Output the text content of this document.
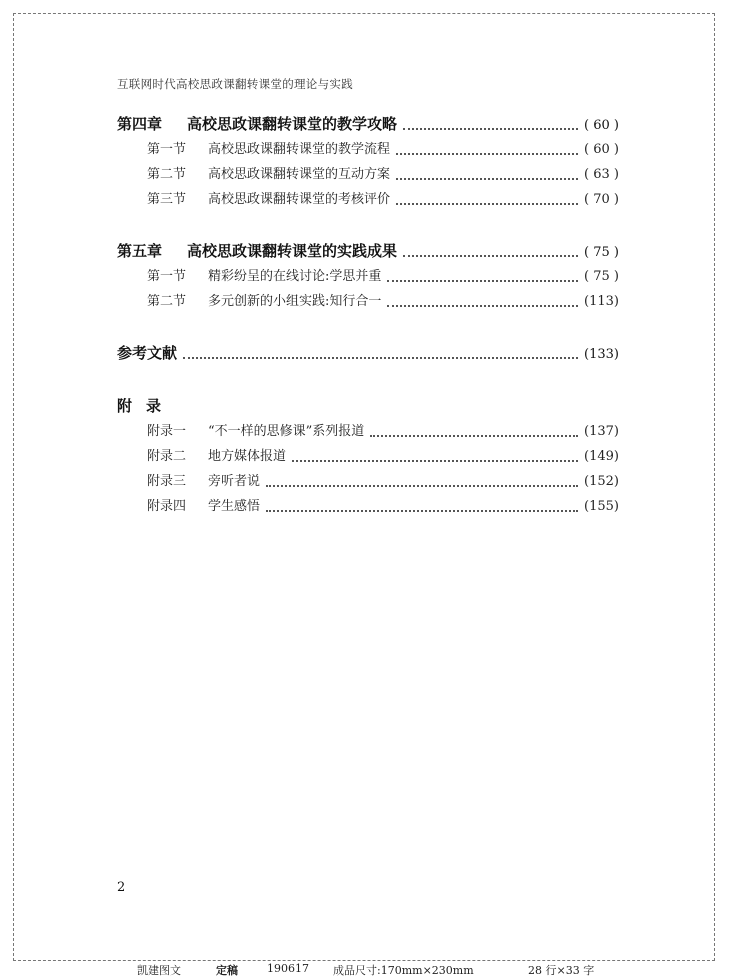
互联网时代高校思政课翻转课堂的理论与实践
第四章	高校思政课翻转课堂的教学攻略	( 60 )
第一节	高校思政课翻转课堂的教学流程	( 60 )
第二节	高校思政课翻转课堂的互动方案	( 63 )
第三节	高校思政课翻转课堂的考核评价	( 70 )
第五章	高校思政课翻转课堂的实践成果	( 75 )
第一节	精彩纷呈的在线讨论:学思并重	( 75 )
第二节	多元创新的小组实践:知行合一	(113)
参考文献	(133)
附录
附录一	“不一样的思修课”系列报道	(137)
附录二	地方媒体报道	(149)
附录三	旁听者说	(152)
附录四	学生感悟	(155)
2
凯建图文	定稿	190617 成品尺寸:170mm×230mm	28 行×33 字
